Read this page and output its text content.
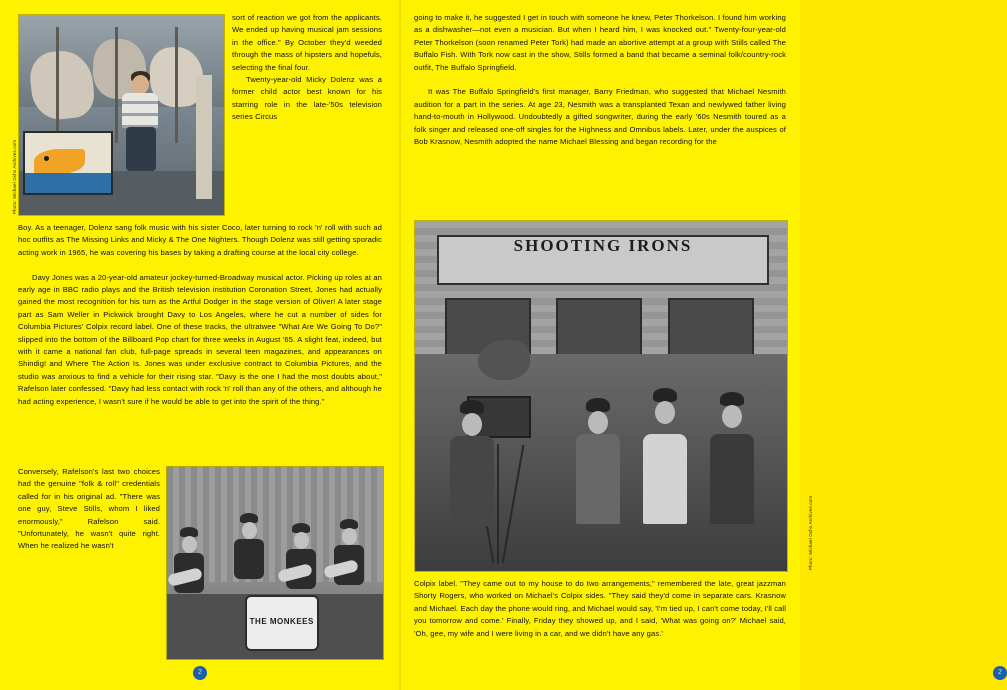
Photo: Michael Ochs Archives.com

sort of reaction we got from the applicants. We ended up having musical jam sessions in the office." By October they'd weeded through the mass of hipsters and hopefuls, selecting the final four.

Twenty-year-old Micky Dolenz was a former child actor best known for his starring role in the late-'50s television series Circus

Boy. As a teenager, Dolenz sang folk music with his sister Coco, later turning to rock 'n' roll with such ad hoc outfits as The Missing Links and Micky & The One Nighters. Though Dolenz was still getting sporadic acting work in 1965, he was covering his bases by taking a drafting course at the local city college.

Davy Jones was a 20-year-old amateur jockey-turned-Broadway musical actor. Picking up roles at an early age in BBC radio plays and the British television institution Coronation Street, Jones had actually gained the most recognition for his turn as the Artful Dodger in the stage version of Oliver! A later stage part as Sam Weller in Pickwick brought Davy to Los Angeles, where he cut a number of sides for Columbia Pictures' Colpix record label. One of these tracks, the ultratwee "What Are We Going To Do?" slipped into the bottom of the Billboard Pop chart for three weeks in August '65. A slight feat, indeed, but with it came a national fan club, full-page spreads in several teen magazines, and appearances on Shindig! and Where The Action Is. Jones was under exclusive contract to Columbia Pictures, and the studio was anxious to find a vehicle for their rising star. "Davy is the one I had the most doubts about," Rafelson later confessed. "Davy had less contact with rock 'n' roll than any of the others, and although he had acting experience, I wasn't sure if he would be able to get into the spirit of the thing."

Conversely, Rafelson's last two choices had the genuine "folk & roll" credentials called for in his original ad. "There was one guy, Steve Stills, whom I liked enormously," Rafelson said. "Unfortunately, he wasn't quite right. When he realized he wasn't

THE MONKEES
2

going to make it, he suggested I get in touch with someone he knew, Peter Thorkelson. I found him working as a dishwasher—not even a musician. But when I heard him, I was knocked out." Twenty-four-year-old Peter Thorkelson (soon renamed Peter Tork) had made an abortive attempt at a group with Stills called The Buffalo Fish. With Tork now cast in the show, Stills formed a band that became a seminal folk/country-rock outfit, The Buffalo Springfield.

It was The Buffalo Springfield's first manager, Barry Friedman, who suggested that Michael Nesmith audition for a part in the series. At age 23, Nesmith was a transplanted Texan and newlywed father living hand-to-mouth in Hollywood. Undoubtedly a gifted songwriter, during the early '60s Nesmith toured as a folk singer and released one-off singles for the Highness and Omnibus labels. Later, under the auspices of Bob Krasnow, Nesmith adopted the name Michael Blessing and began recording for the

SHOOTING IRONS
Photo: Michael Ochs Archives.com

Colpix label. "They came out to my house to do two arrangements," remembered the late, great jazzman Shorty Rogers, who worked on Michael's Colpix sides. "They said they'd come in separate cars. Krasnow and Michael. Each day the phone would ring, and Michael would say, 'I'm tied up, I can't come today, I'll call you tomorrow and come.' Finally, Friday they showed up, and I said, 'What was going on?' Michael said, 'Oh, gee, my wife and I were living in a car, and we didn't have any gas.'

2
